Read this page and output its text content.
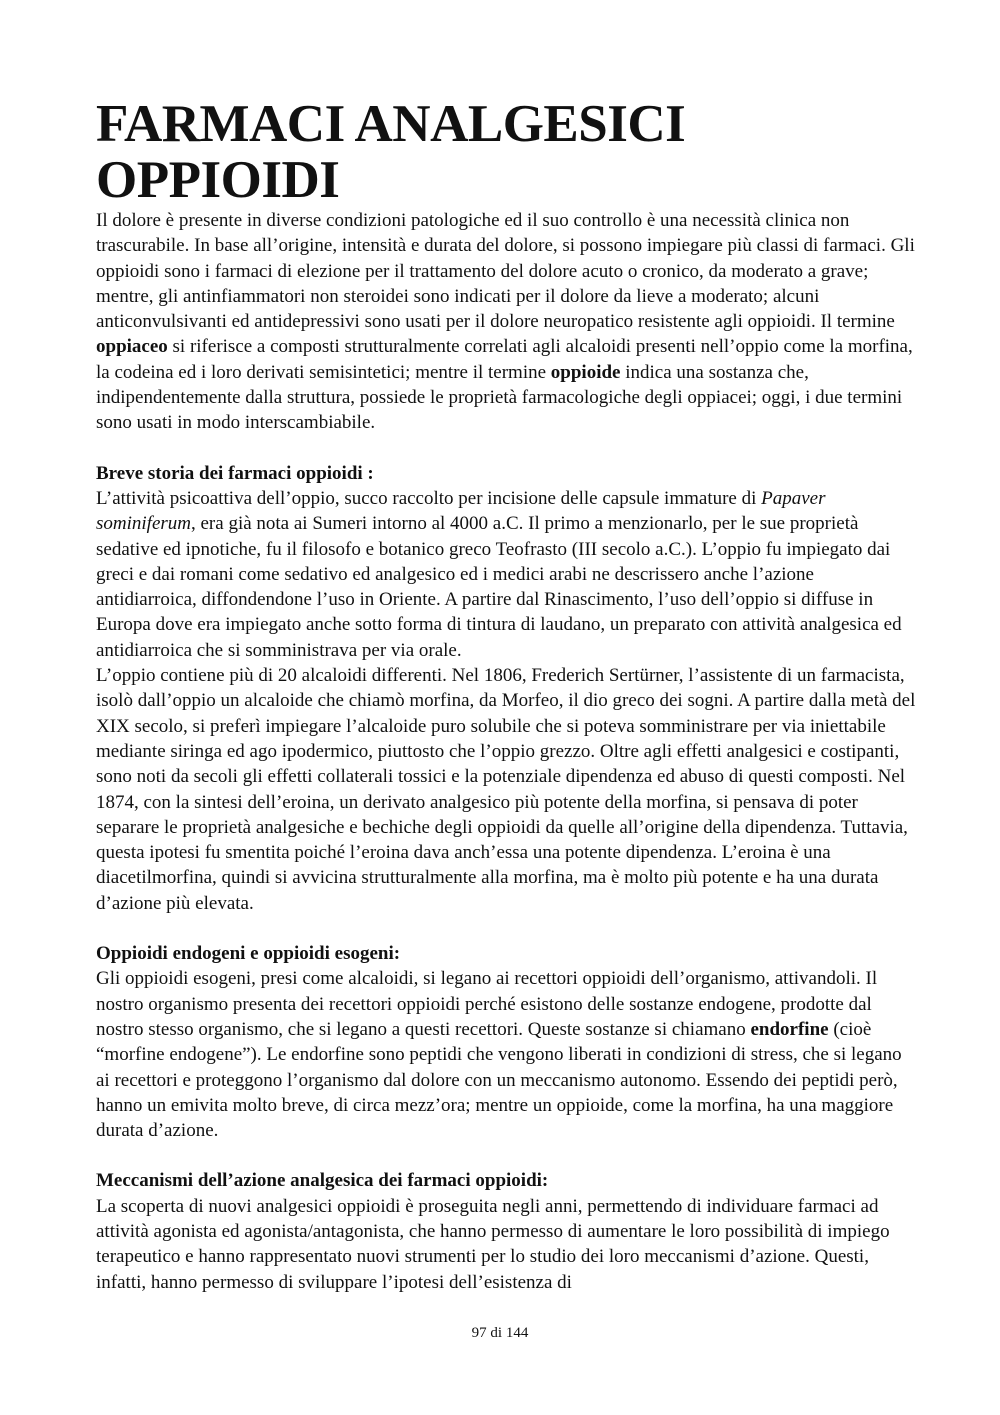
FARMACI ANALGESICI
OPPIOIDI

Il dolore è presente in diverse condizioni patologiche ed il suo controllo è una necessità clinica non trascurabile. In base all’origine, intensità e durata del dolore, si possono impiegare più classi di farmaci. Gli oppioidi sono i farmaci di elezione per il trattamento del dolore acuto o cronico, da moderato a grave; mentre, gli antinfiammatori non steroidei sono indicati per il dolore da lieve a moderato; alcuni anticonvulsivanti ed antidepressivi sono usati per il dolore neuropatico resistente agli oppioidi. Il termine oppiaceo si riferisce a composti strutturalmente correlati agli alcaloidi presenti nell’oppio come la morfina, la codeina ed i loro derivati semisintetici; mentre il termine oppioide indica una sostanza che, indipendentemente dalla struttura, possiede le proprietà farmacologiche degli oppiacei; oggi, i due termini sono usati in modo interscambiabile.

Breve storia dei farmaci oppioidi :

L’attività psicoattiva dell’oppio, succo raccolto per incisione delle capsule immature di Papaver sominiferum, era già nota ai Sumeri intorno al 4000 a.C. Il primo a menzionarlo, per le sue proprietà sedative ed ipnotiche, fu il filosofo e botanico greco Teofrasto (III secolo a.C.). L’oppio fu impiegato dai greci e dai romani come sedativo ed analgesico ed i medici arabi ne descrissero anche l’azione antidiarroica, diffondendone l’uso in Oriente. A partire dal Rinascimento, l’uso dell’oppio si diffuse in Europa dove era impiegato anche sotto forma di tintura di laudano, un preparato con attività analgesica ed antidiarroica che si somministrava per via orale.

L’oppio contiene più di 20 alcaloidi differenti. Nel 1806, Frederich Sertürner, l’assistente di un farmacista, isolò dall’oppio un alcaloide che chiamò morfina, da Morfeo, il dio greco dei sogni. A partire dalla metà del XIX secolo, si preferì impiegare l’alcaloide puro solubile che si poteva somministrare per via iniettabile mediante siringa ed ago ipodermico, piuttosto che l’oppio grezzo. Oltre agli effetti analgesici e costipanti, sono noti da secoli gli effetti collaterali tossici e la potenziale dipendenza ed abuso di questi composti. Nel 1874, con la sintesi dell’eroina, un derivato analgesico più potente della morfina, si pensava di poter separare le proprietà analgesiche e bechiche degli oppioidi da quelle all’origine della dipendenza. Tuttavia, questa ipotesi fu smentita poiché l’eroina dava anch’essa una potente dipendenza. L’eroina è una diacetilmorfina, quindi si avvicina strutturalmente alla morfina, ma è molto più potente e ha una durata d’azione più elevata.

Oppioidi endogeni e oppioidi esogeni:

Gli oppioidi esogeni, presi come alcaloidi, si legano ai recettori oppioidi dell’organismo, attivandoli. Il nostro organismo presenta dei recettori oppioidi perché esistono delle sostanze endogene, prodotte dal nostro stesso organismo, che si legano a questi recettori. Queste sostanze si chiamano endorfine (cioè “morfine endogene”). Le endorfine sono peptidi che vengono liberati in condizioni di stress, che si legano ai recettori e proteggono l’organismo dal dolore con un meccanismo autonomo. Essendo dei peptidi però, hanno un emivita molto breve, di circa mezz’ora; mentre un oppioide, come la morfina, ha una maggiore durata d’azione.

Meccanismi dell’azione analgesica dei farmaci oppioidi:

La scoperta di nuovi analgesici oppioidi è proseguita negli anni, permettendo di individuare farmaci ad attività agonista ed agonista/antagonista, che hanno permesso di aumentare le loro possibilità di impiego terapeutico e hanno rappresentato nuovi strumenti per lo studio dei loro meccanismi d’azione. Questi, infatti, hanno permesso di sviluppare l’ipotesi dell’esistenza di

97 di 144
